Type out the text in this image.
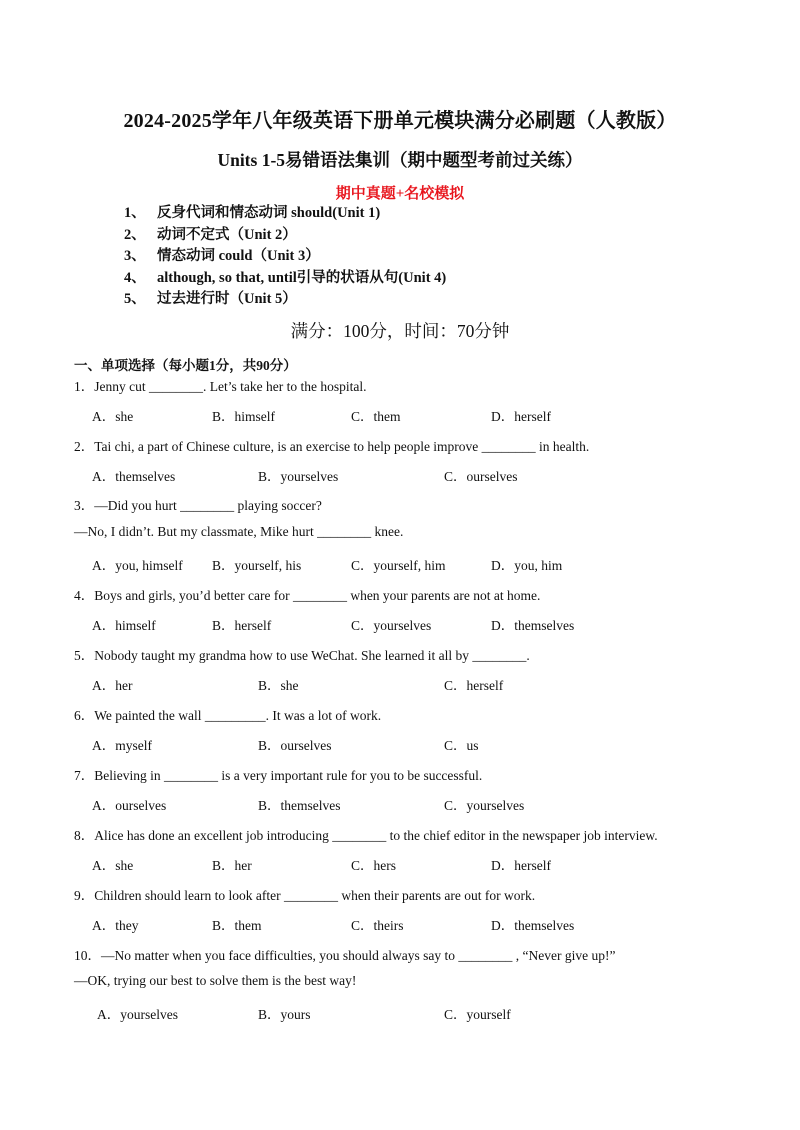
2024-2025学年八年级英语下册单元模块满分必刷题（人教版）
Units 1-5易错语法集训（期中题型考前过关练）
期中真题+名校模拟
1、 反身代词和情态动词 should(Unit 1)
2、 动词不定式（Unit 2）
3、 情态动词 could（Unit 3）
4、 although, so that, until引导的状语从句(Unit 4)
5、 过去进行时（Unit 5）
满分：100分，时间：70分钟
一、单项选择（每小题1分，共90分）
1．Jenny cut ________. Let’s take her to the hospital.
A．she	B．himself	C．them	D．herself
2．Tai chi, a part of Chinese culture, is an exercise to help people improve ________ in health.
A．themselves	B．yourselves	C．ourselves
3．—Did you hurt ________ playing soccer?
—No, I didn’t. But my classmate, Mike hurt ________ knee.
A．you, himself B．yourself, his	C．yourself, him	D．you, him
4．Boys and girls, you’d better care for ________ when your parents are not at home.
A．himself	B．herself	C．yourselves	D．themselves
5．Nobody taught my grandma how to use WeChat. She learned it all by ________.
A．her	B．she	C．herself
6．We painted the wall _________. It was a lot of work.
A．myself	B．ourselves	C．us
7．Believing in ________ is a very important rule for you to be successful.
A．ourselves	B．themselves	C．yourselves
8．Alice has done an excellent job introducing ________ to the chief editor in the newspaper job interview.
A．she	B．her	C．hers	D．herself
9．Children should learn to look after ________ when their parents are out for work.
A．they	B．them	C．theirs	D．themselves
10．—No matter when you face difficulties, you should always say to ________ , “Never give up!”
—OK, trying our best to solve them is the best way!
A．yourselves	B．yours	C．yourself
